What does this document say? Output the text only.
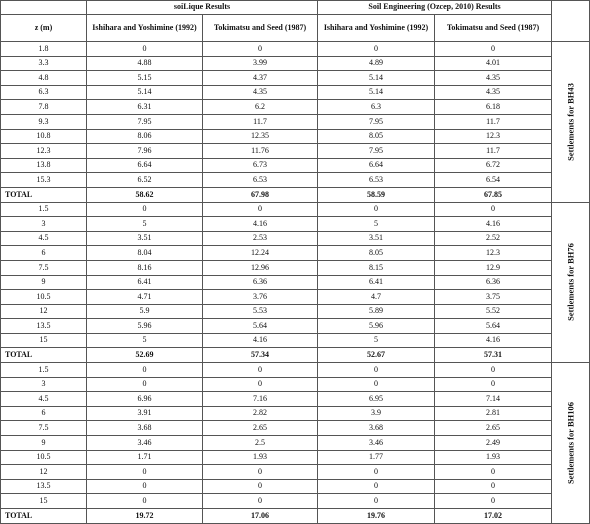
	soiLique Results		Soil Engineering (Ozcep, 2010) Results		
z (m)	Ishihara and Yoshimine (1992)	Tokimatsu and Seed (1987)	Ishihara and Yoshimine (1992)	Tokimatsu and Seed (1987)	
1.8	0	0	0	0	Settlements for BH43

3.3	4.88	3.99	4.89	4.01	
4.8	5.15	4.37	5.14	4.35	
6.3	5.14	4.35	5.14	4.35	
7.8	6.31	6.2	6.3	6.18	
9.3	7.95	11.7	7.95	11.7	
10.8	8.06	12.35	8.05	12.3	
12.3	7.96	11.76	7.95	11.7	
13.8	6.64	6.73	6.64	6.72	
15.3	6.52	6.53	6.53	6.54	
TOTAL	58.62	67.98	58.59	67.85	
1.5	0	0	0	0	Settlements for BH76

3	5	4.16	5	4.16	
4.5	3.51	2.53	3.51	2.52	
6	8.04	12.24	8.05	12.3	
7.5	8.16	12.96	8.15	12.9	
9	6.41	6.36	6.41	6.36	
10.5	4.71	3.76	4.7	3.75	
12	5.9	5.53	5.89	5.52	
13.5	5.96	5.64	5.96	5.64	
15	5	4.16	5	4.16	
TOTAL	52.69	57.34	52.67	57.31	
1.5	0	0	0	0	Settlements for BH106

3	0	0	0	0	
4.5	6.96	7.16	6.95	7.14	
6	3.91	2.82	3.9	2.81	
7.5	3.68	2.65	3.68	2.65	
9	3.46	2.5	3.46	2.49	
10.5	1.71	1.93	1.77	1.93	
12	0	0	0	0	
13.5	0	0	0	0	
15	0	0	0	0	
TOTAL	19.72	17.06	19.76	17.02	
